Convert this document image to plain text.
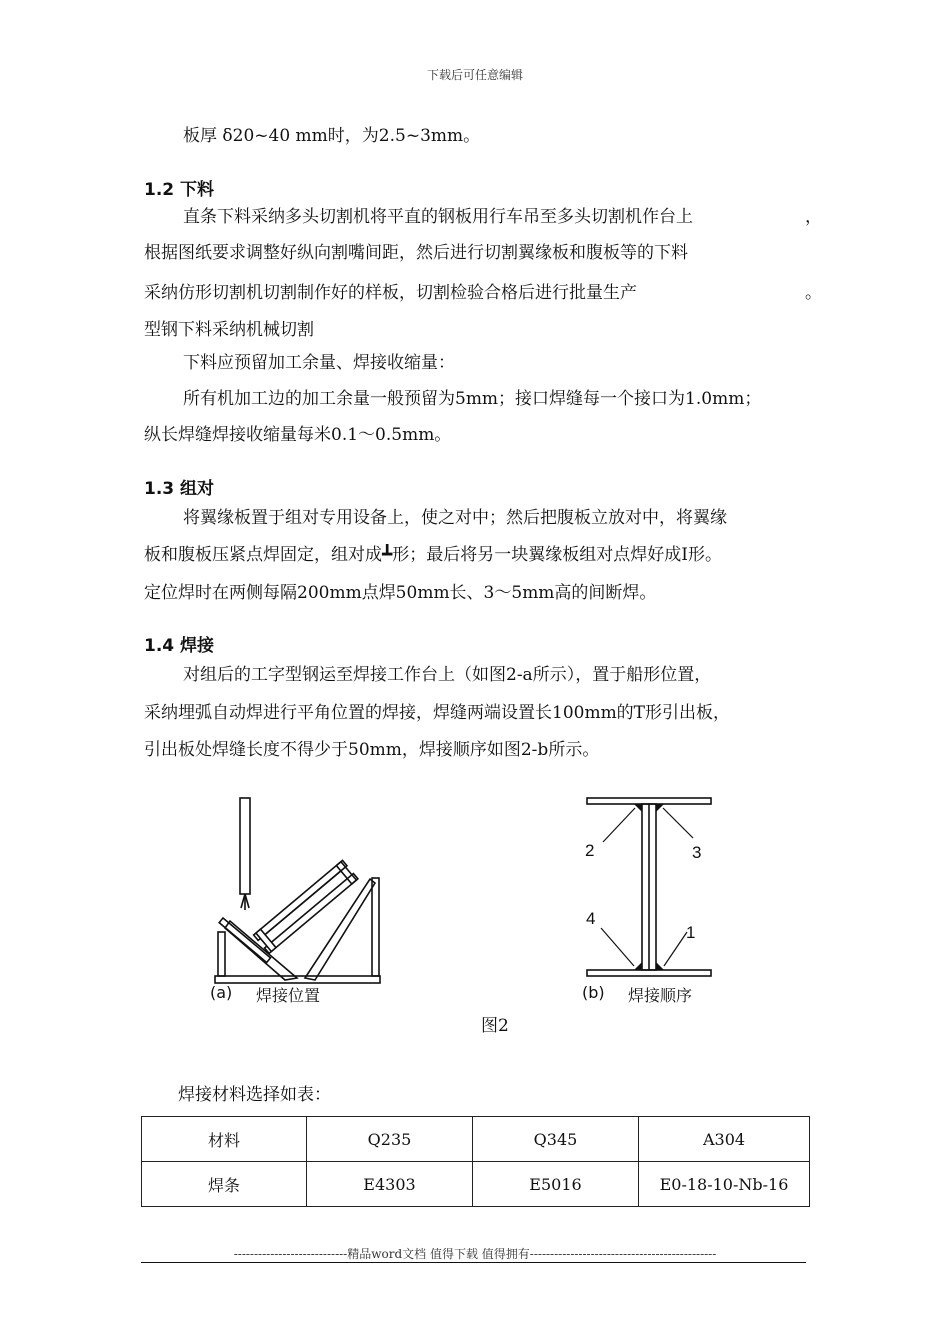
下载后可任意编辑
板厚 δ20~40 mm时，为2.5~3mm。
1.2 下料
直条下料采纳多头切割机将平直的钢板用行车吊至多头切割机作台上	，
根据图纸要求调整好纵向割嘴间距，然后进行切割翼缘板和腹板等的下料
采纳仿形切割机切割制作好的样板，切割检验合格后进行批量生产	。
型钢下料采纳机械切割
下料应预留加工余量、焊接收缩量：
所有机加工边的加工余量一般预留为5mm；接口焊缝每一个接口为1.0mm；
纵长焊缝焊接收缩量每米0.1～0.5mm。
1.3 组对
将翼缘板置于组对专用设备上，使之对中；然后把腹板立放对中，将翼缘
板和腹板压紧点焊固定，组对成┻形；最后将另一块翼缘板组对点焊好成Ⅰ形。
定位焊时在两侧每隔200mm点焊50mm长、3～5mm高的间断焊。
1.4 焊接
对组后的工字型钢运至焊接工作台上（如图2-a所示），置于船形位置，
采纳埋弧自动焊进行平角位置的焊接，焊缝两端设置长100mm的T形引出板，
引出板处焊缝长度不得少于50mm，焊接顺序如图2-b所示。
2	3
4
1
(a) 焊接位置	(b) 焊接顺序
图2
焊接材料选择如表：
材料	Q235	Q345	A304
焊条	E4303	E5016	E0-18-10-Nb-16
----------------------------精品word文档 值得下载 值得拥有----------------------------------------------
